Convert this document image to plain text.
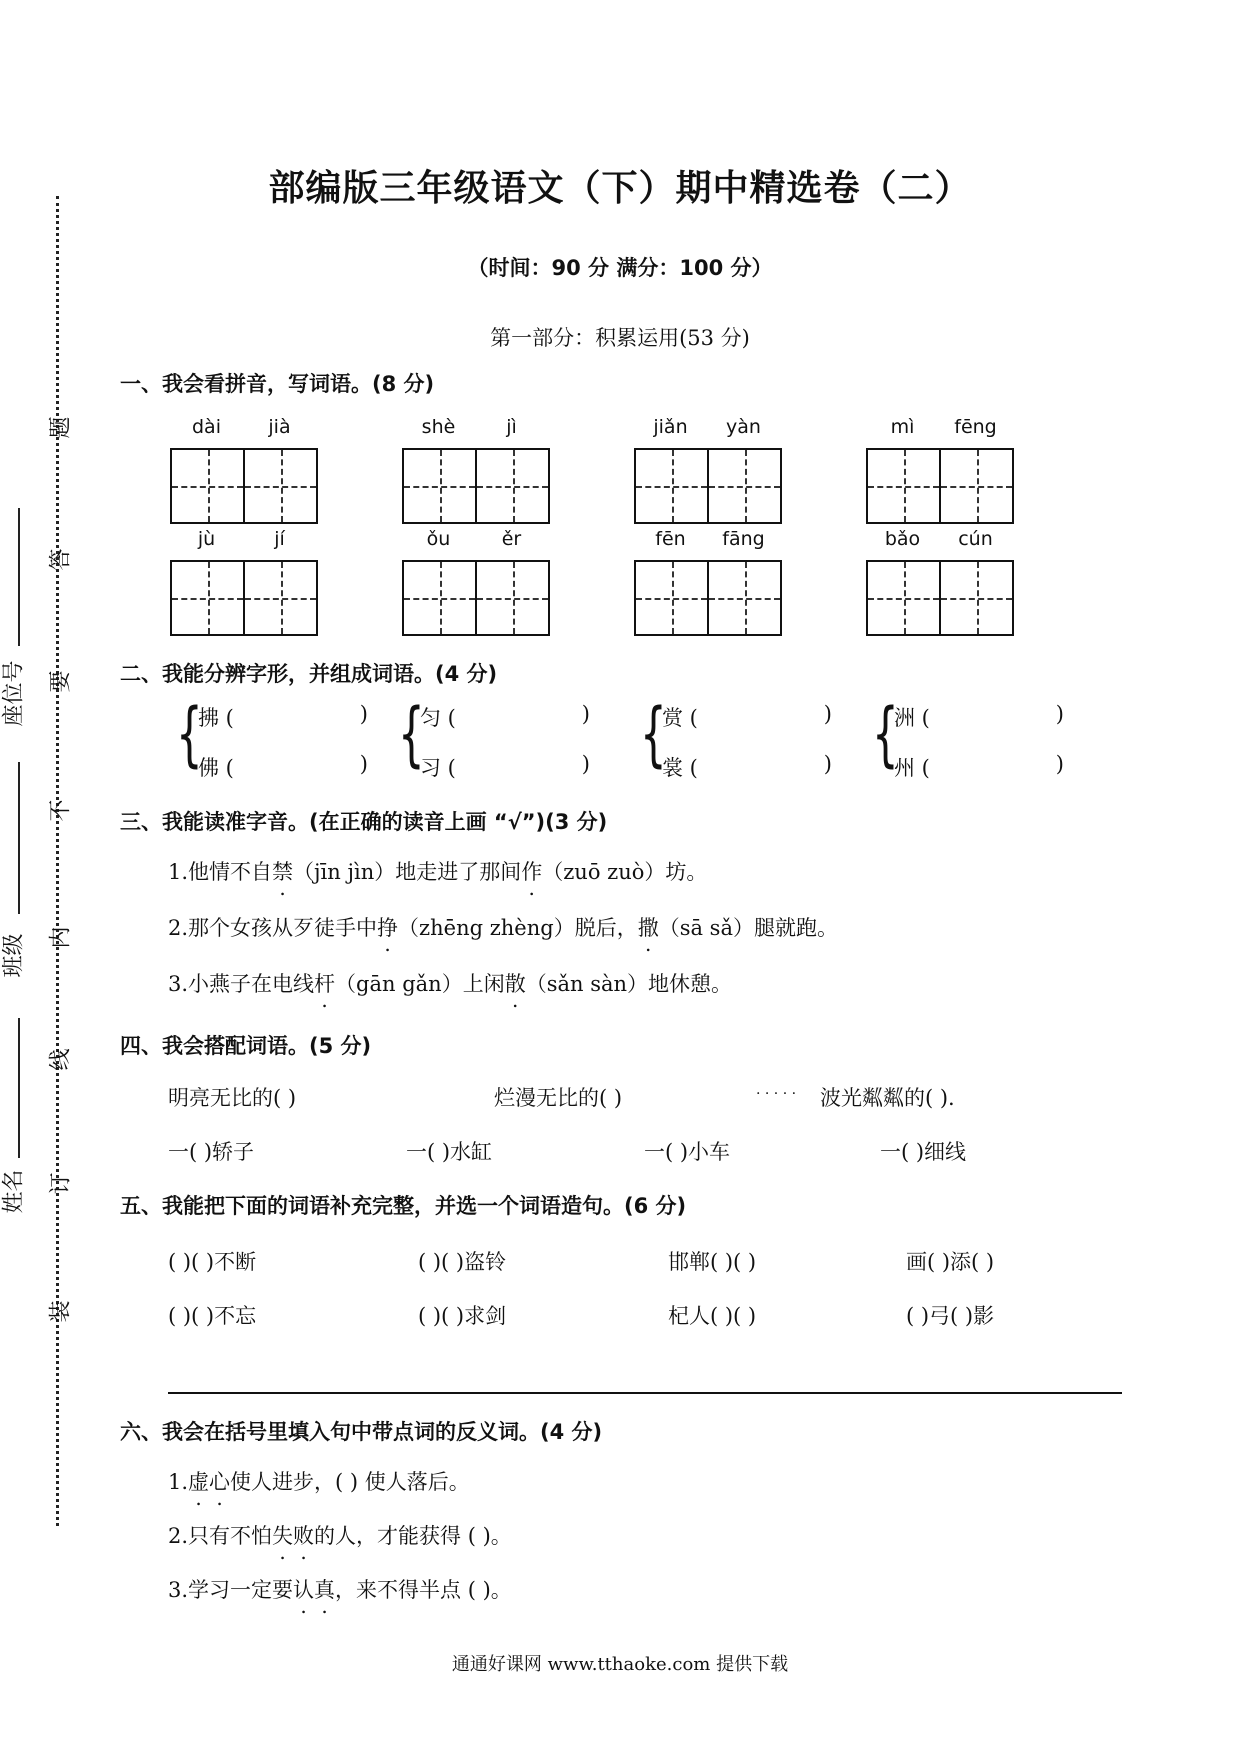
题
答
要
不
内
线
订
装
座位号
班级
姓名
部编版三年级语文（下）期中精选卷（二）
（时间：90 分 满分：100 分）
第一部分：积累运用(53 分)
一、我会看拼音，写词语。(8 分)
dài	jià	shè	jì	jiǎn	yàn	mì	fēng
jù	jí	ǒu	ěr	fēn	fāng	bǎo	cún
二、我能分辨字形，并组成词语。(4 分)
{
拂 (	)
佛 (	) {
匀 (	)
习 (	) {
赏 (	)
裳 (	) {
洲 (	)
州 (	)
三、我能读准字音。(在正确的读音上画 “√”)(3 分)
1.他情不自禁（jīn jìn）地走进了那间作（zuō zuò）坊。
2.那个女孩从歹徒手中挣（zhēng zhèng）脱后，撒（sā sǎ）腿就跑。
3.小燕子在电线杆（gān gǎn）上闲散（sǎn sàn）地休憩。
四、我会搭配词语。(5 分)
明亮无比的( )	烂漫无比的( )	. . . . . 波光粼粼的( ).
一( )轿子	一( )水缸	一( )小车	一( )细线
五、我能把下面的词语补充完整，并选一个词语造句。(6 分)
( )( )不断	( )( )盗铃	邯郸( )( )	画( )添( )
( )( )不忘	( )( )求剑	杞人( )( )	( )弓( )影
六、我会在括号里填入句中带点词的反义词。(4 分)
1.虚心使人进步，( ) 使人落后。
2.只有不怕失败的人，才能获得 ( )。
3.学习一定要认真，来不得半点 ( )。
通通好课网 www.tthaoke.com 提供下载
